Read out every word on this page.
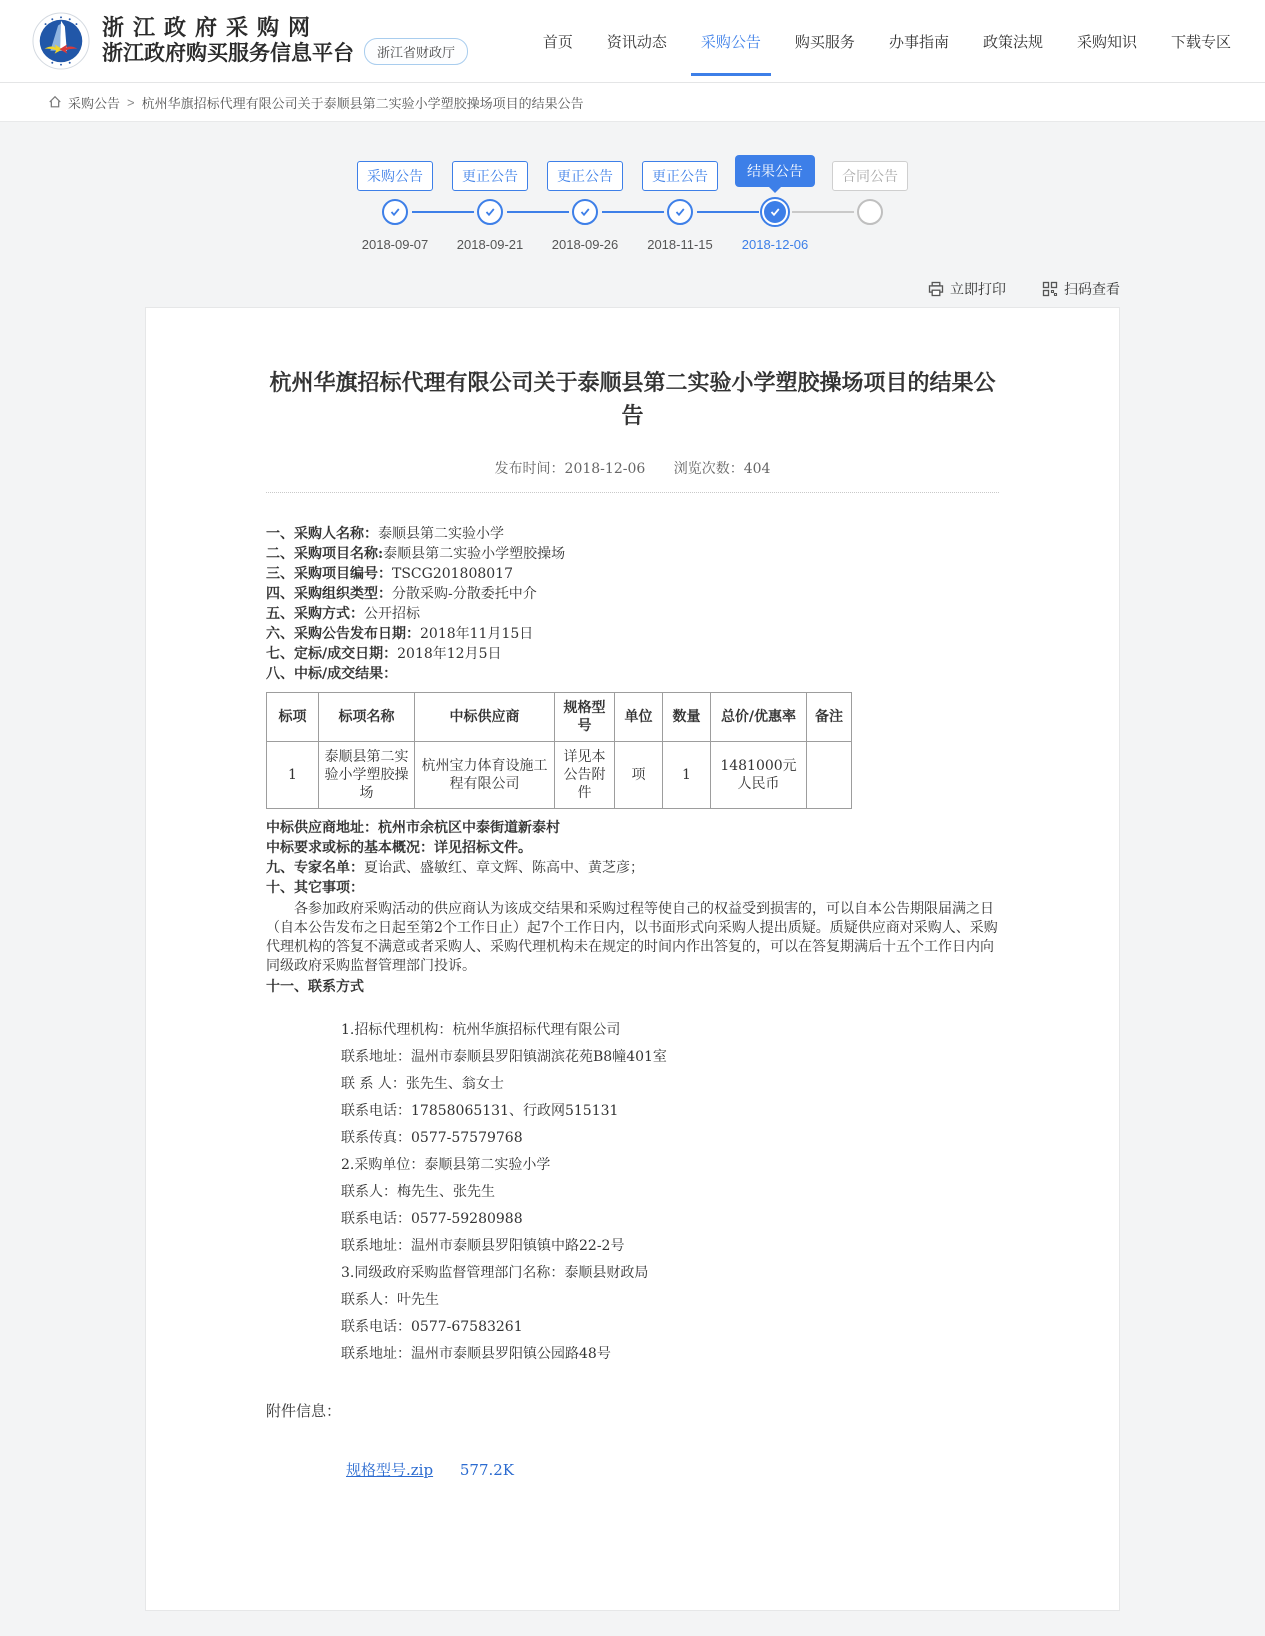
浙江政府采购网
浙江政府购买服务信息平台	浙江省财政厅
首页 资讯动态 采购公告 购买服务 办事指南 政策法规 采购知识 下载专区
采购公告 > 杭州华旗招标代理有限公司关于泰顺县第二实验小学塑胶操场项目的结果公告
采购公告
2018-09-07
更正公告
2018-09-21
更正公告
2018-09-26
更正公告
2018-11-15
结果公告
2018-12-06
合同公告
立即打印	扫码查看
杭州华旗招标代理有限公司关于泰顺县第二实验小学塑胶操场项目的结果公告
发布时间：2018-12-06 浏览次数：404

一、采购人名称：泰顺县第二实验小学

二、采购项目名称:泰顺县第二实验小学塑胶操场

三、采购项目编号：TSCG201808017

四、采购组织类型：分散采购-分散委托中介

五、采购方式：公开招标

六、采购公告发布日期：2018年11月15日

七、定标/成交日期：2018年12月5日

八、中标/成交结果：

标项	标项名称	中标供应商	规格型号	单位	数量	总价/优惠率	备注
1	泰顺县第二实验小学塑胶操场	杭州宝力体育设施工程有限公司	详见本公告附件	项	1	1481000元人民币	

中标供应商地址：杭州市余杭区中泰街道新泰村

中标要求或标的基本概况：详见招标文件。

九、专家名单：夏诒武、盛敏红、章文辉、陈高中、黄芝彦；

十、其它事项：

各参加政府采购活动的供应商认为该成交结果和采购过程等使自己的权益受到损害的，可以自本公告期限届满之日（自本公告发布之日起至第2个工作日止）起7个工作日内，以书面形式向采购人提出质疑。质疑供应商对采购人、采购代理机构的答复不满意或者采购人、采购代理机构未在规定的时间内作出答复的，可以在答复期满后十五个工作日内向同级政府采购监督管理部门投诉。

十一、联系方式

1.招标代理机构：杭州华旗招标代理有限公司

联系地址：温州市泰顺县罗阳镇湖滨花苑B8幢401室

联 系 人：张先生、翁女士

联系电话：17858065131、行政网515131

联系传真：0577-57579768

2.采购单位：泰顺县第二实验小学

联系人：梅先生、张先生

联系电话：0577-59280988

联系地址：温州市泰顺县罗阳镇镇中路22-2号

3.同级政府采购监督管理部门名称：泰顺县财政局

联系人：叶先生

联系电话：0577-67583261

联系地址：温州市泰顺县罗阳镇公园路48号

附件信息：

规格型号.zip 577.2K
